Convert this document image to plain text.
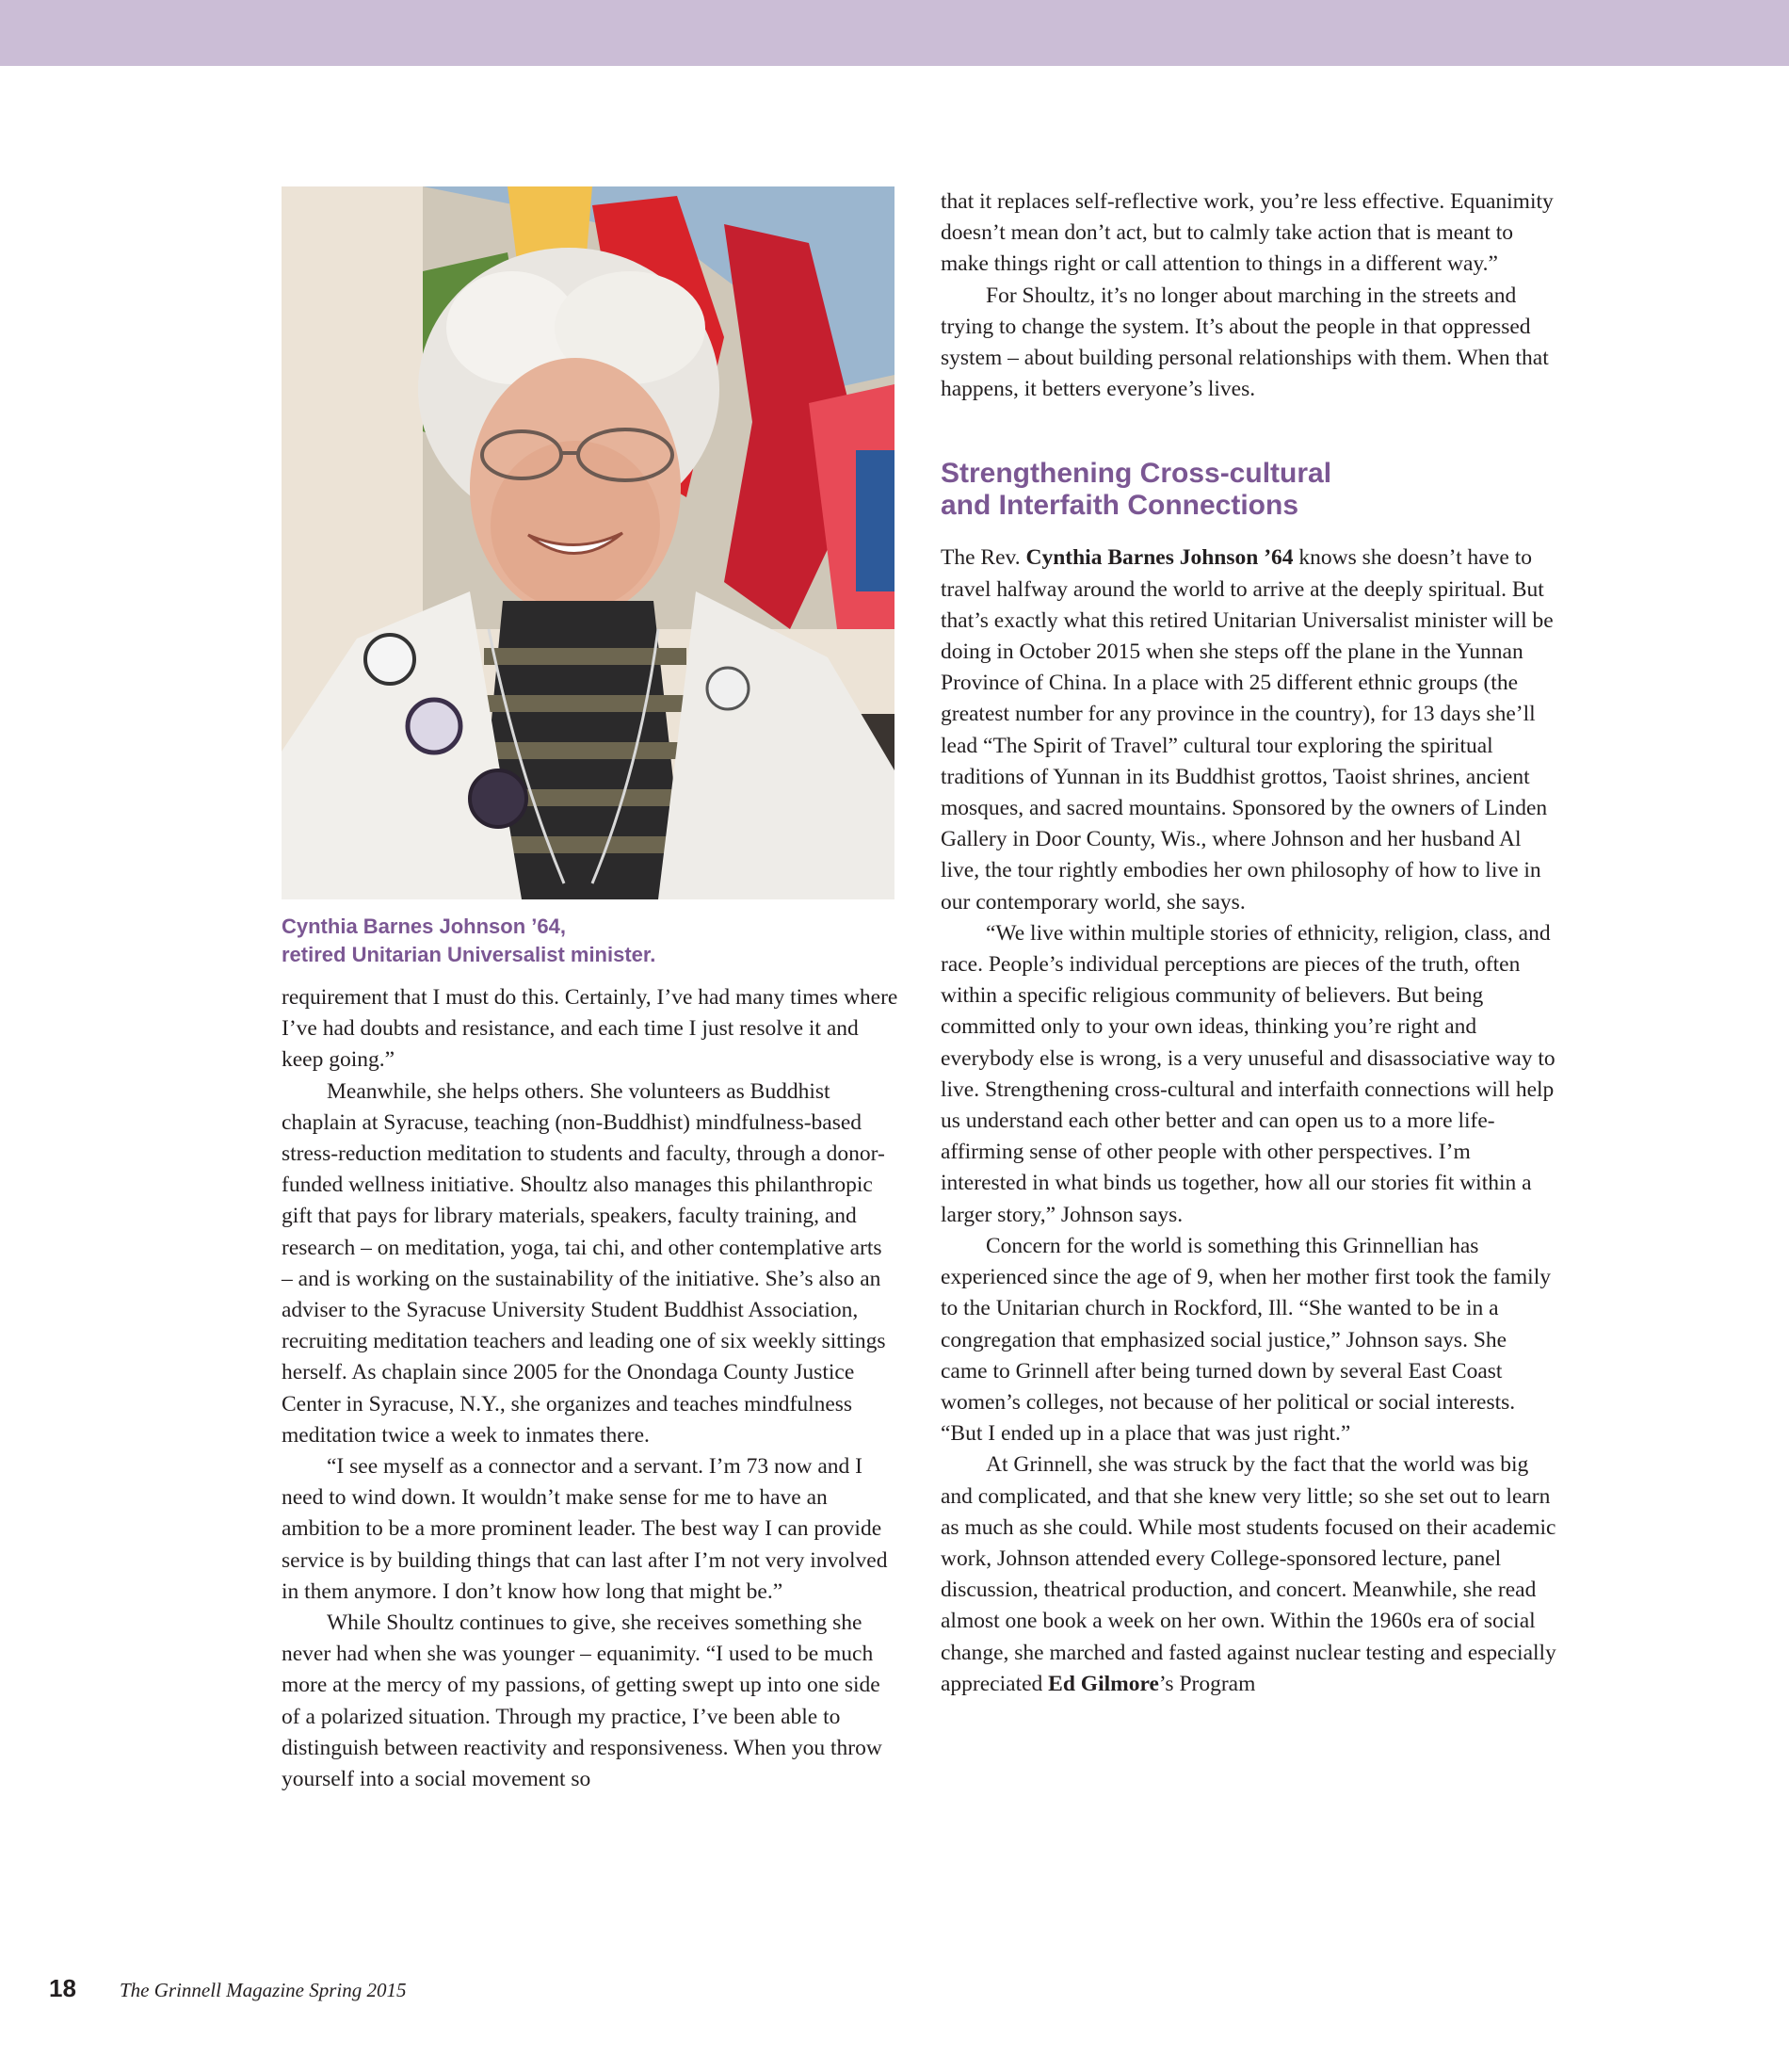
Cynthia Barnes Johnson ’64,
retired Unitarian Universalist minister.

requirement that I must do this. Certainly, I’ve had many times where I’ve had doubts and resistance, and each time I just resolve it and keep going.”

Meanwhile, she helps others. She volunteers as Buddhist chaplain at Syracuse, teaching (non-Buddhist) mindfulness-based stress-reduction meditation to students and faculty, through a donor-funded wellness initiative. Shoultz also manages this philanthropic gift that pays for library materials, speakers, faculty training, and research – on meditation, yoga, tai chi, and other contemplative arts – and is working on the sustainability of the initiative. She’s also an adviser to the Syracuse University Student Buddhist Association, recruiting meditation teachers and leading one of six weekly sittings herself. As chaplain since 2005 for the Onondaga County Justice Center in Syracuse, N.Y., she organizes and teaches mindfulness meditation twice a week to inmates there.

“I see myself as a connector and a servant. I’m 73 now and I need to wind down. It wouldn’t make sense for me to have an ambition to be a more prominent leader. The best way I can provide service is by building things that can last after I’m not very involved in them anymore. I don’t know how long that might be.”

While Shoultz continues to give, she receives something she never had when she was younger – equanimity. “I used to be much more at the mercy of my passions, of getting swept up into one side of a polarized situation. Through my practice, I’ve been able to distinguish between reactivity and responsiveness. When you throw yourself into a social movement so

that it replaces self-reflective work, you’re less effective. Equanimity doesn’t mean don’t act, but to calmly take action that is meant to make things right or call attention to things in a different way.”

For Shoultz, it’s no longer about marching in the streets and trying to change the system. It’s about the people in that oppressed system – about building personal relationships with them. When that happens, it betters everyone’s lives.

Strengthening Cross-cultural
and Interfaith Connections

The Rev. Cynthia Barnes Johnson ’64 knows she doesn’t have to travel halfway around the world to arrive at the deeply spiritual. But that’s exactly what this retired Unitarian Universalist minister will be doing in October 2015 when she steps off the plane in the Yunnan Province of China. In a place with 25 different ethnic groups (the greatest number for any province in the country), for 13 days she’ll lead “The Spirit of Travel” cultural tour exploring the spiritual traditions of Yunnan in its Buddhist grottos, Taoist shrines, ancient mosques, and sacred mountains. Sponsored by the owners of Linden Gallery in Door County, Wis., where Johnson and her husband Al live, the tour rightly embodies her own philosophy of how to live in our contemporary world, she says.

“We live within multiple stories of ethnicity, religion, class, and race. People’s individual perceptions are pieces of the truth, often within a specific religious community of believers. But being committed only to your own ideas, thinking you’re right and everybody else is wrong, is a very unuseful and disassociative way to live. Strengthening cross-cultural and interfaith connections will help us understand each other better and can open us to a more life-affirming sense of other people with other perspectives. I’m interested in what binds us together, how all our stories fit within a larger story,” Johnson says.

Concern for the world is something this Grinnellian has experienced since the age of 9, when her mother first took the family to the Unitarian church in Rockford, Ill. “She wanted to be in a congregation that emphasized social justice,” Johnson says. She came to Grinnell after being turned down by several East Coast women’s colleges, not because of her political or social interests. “But I ended up in a place that was just right.”

At Grinnell, she was struck by the fact that the world was big and complicated, and that she knew very little; so she set out to learn as much as she could. While most students focused on their academic work, Johnson attended every College-sponsored lecture, panel discussion, theatrical production, and concert. Meanwhile, she read almost one book a week on her own. Within the 1960s era of social change, she marched and fasted against nuclear testing and especially appreciated Ed Gilmore’s Program

18	The Grinnell Magazine Spring 2015
